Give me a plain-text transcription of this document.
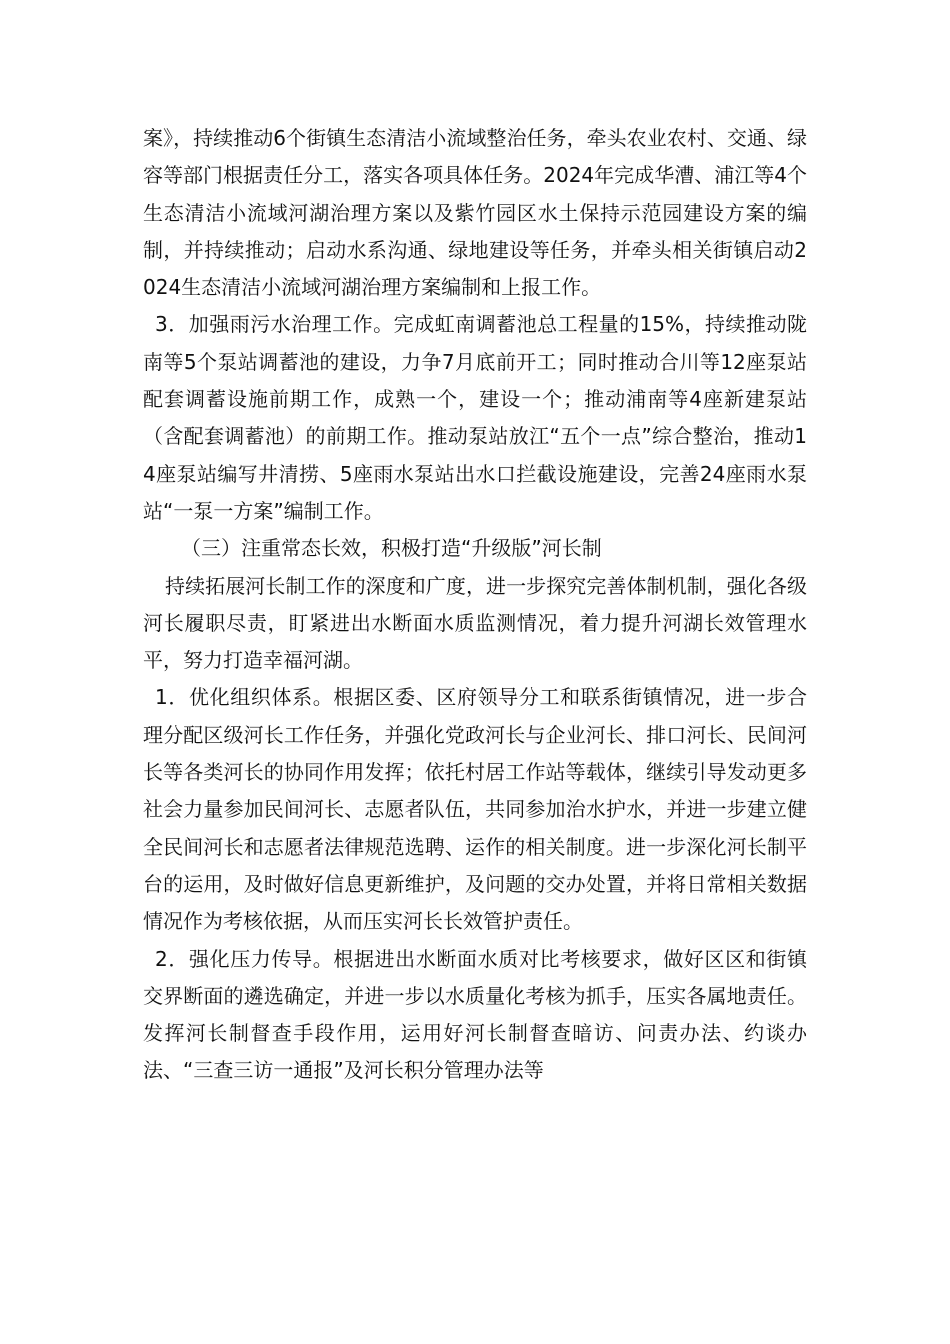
案》，持续推动6个街镇生态清洁小流域整治任务，牵头农业农村、交通、绿容等部门根据责任分工，落实各项具体任务。2024年完成华漕、浦江等4个生态清洁小流域河湖治理方案以及紫竹园区水土保持示范园建设方案的编制，并持续推动；启动水系沟通、绿地建设等任务，并牵头相关街镇启动2024生态清洁小流域河湖治理方案编制和上报工作。

3．加强雨污水治理工作。完成虹南调蓄池总工程量的15%，持续推动陇南等5个泵站调蓄池的建设，力争7月底前开工；同时推动合川等12座泵站配套调蓄设施前期工作，成熟一个，建设一个；推动浦南等4座新建泵站（含配套调蓄池）的前期工作。推动泵站放江“五个一点”综合整治，推动14座泵站编写井清捞、5座雨水泵站出水口拦截设施建设，完善24座雨水泵站“一泵一方案”编制工作。

（三）注重常态长效，积极打造“升级版”河长制

持续拓展河长制工作的深度和广度，进一步探究完善体制机制，强化各级河长履职尽责，盯紧进出水断面水质监测情况，着力提升河湖长效管理水平，努力打造幸福河湖。

1．优化组织体系。根据区委、区府领导分工和联系街镇情况，进一步合理分配区级河长工作任务，并强化党政河长与企业河长、排口河长、民间河长等各类河长的协同作用发挥；依托村居工作站等载体，继续引导发动更多社会力量参加民间河长、志愿者队伍，共同参加治水护水，并进一步建立健全民间河长和志愿者法律规范选聘、运作的相关制度。进一步深化河长制平台的运用，及时做好信息更新维护，及问题的交办处置，并将日常相关数据情况作为考核依据，从而压实河长长效管护责任。

2．强化压力传导。根据进出水断面水质对比考核要求，做好区区和街镇交界断面的遴选确定，并进一步以水质量化考核为抓手，压实各属地责任。发挥河长制督查手段作用，运用好河长制督查暗访、问责办法、约谈办法、“三查三访一通报”及河长积分管理办法等
